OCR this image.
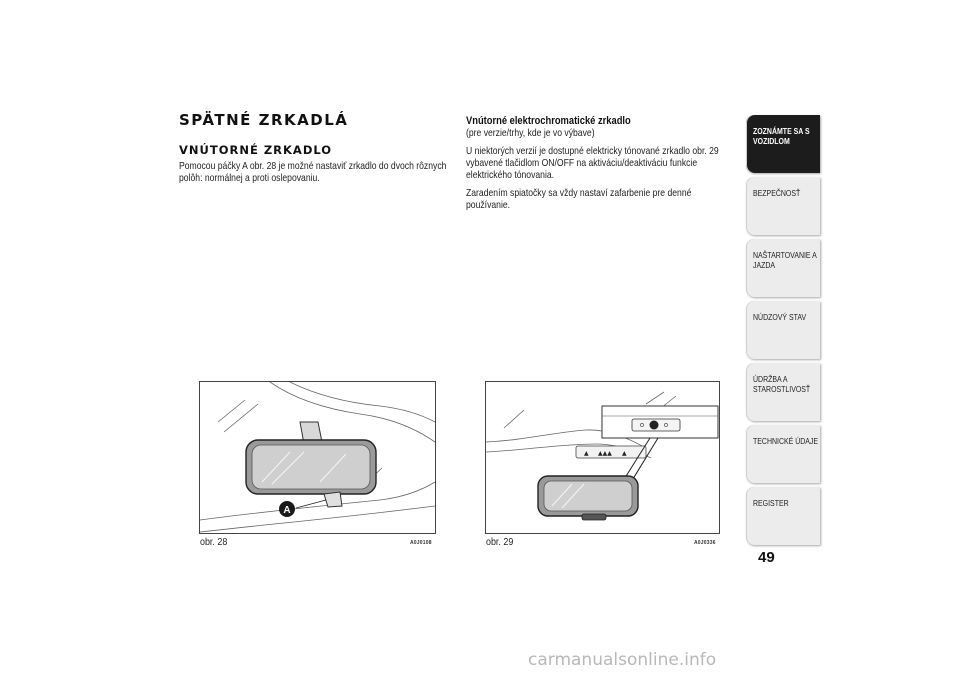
SPÄTNÉ ZRKADLÁ
VNÚTORNÉ ZRKADLO

Pomocou páčky A obr. 28 je možné nastaviť zrkadlo do dvoch rôznych

polôh: normálnej a proti oslepovaniu.

Vnútorné elektrochromatické zrkadlo

(pre verzie/trhy, kde je vo výbave)

U niektorých verzií je dostupné elektricky tónované zrkadlo obr. 29

vybavené tlačidlom ON/OFF na aktiváciu/deaktiváciu funkcie

elektrického tónovania.

Zaradením spiatočky sa vždy nastaví zafarbenie pre denné

používanie.

A
obr. 28	A0J0108
▲ ▲▲▲ ▲
obr. 29	A0J0336
ZOZNÁMTE SA S VOZIDLOM
BEZPEČNOSŤ
NAŠTARTOVANIE A JAZDA
NÚDZOVÝ STAV
ÚDRŽBA A STAROSTLIVOSŤ
TECHNICKÉ ÚDAJE
REGISTER
49
carmanualsonline.info
